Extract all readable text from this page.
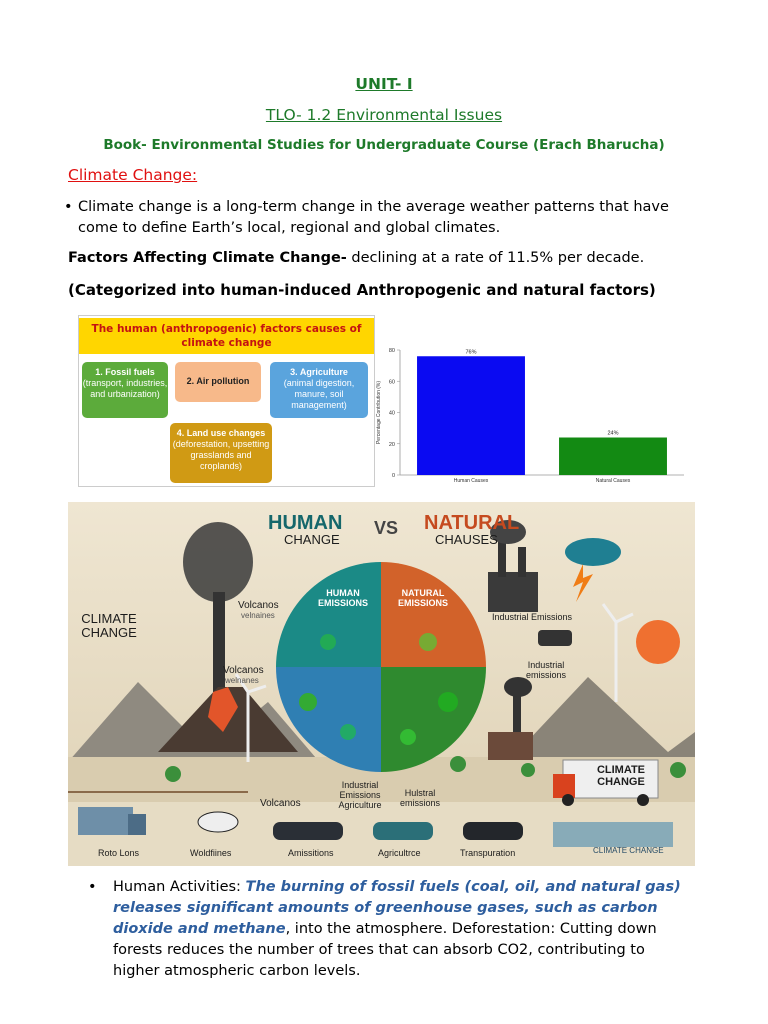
UNIT- I
TLO- 1.2 Environmental Issues
Book- Environmental Studies for Undergraduate Course (Erach Bharucha)
Climate Change:
• Climate change is a long-term change in the average weather patterns that have come to define Earth’s local, regional and global climates.
Factors Affecting Climate Change- declining at a rate of 11.5% per decade.
(Categorized into human-induced Anthropogenic and natural factors)
The human (anthropogenic) factors causes of climate change
1. Fossil fuels
(transport, industries, and urbanization)
2. Air pollution
3. Agriculture
(animal digestion, manure, soil management)
4. Land use changes
(deforestation, upsetting grasslands and croplands)
0
20
40
60
80
Percentage Contribution (%)
76%
Human Causes
24%
Natural Causes
HUMAN VS NATURAL
CHANGE	CHAUSES
CLIMATE CHANGE
Volcanos
velnaines
Volcanos
welnanes
HUMAN EMISSIONS
NATURAL EMISSIONS
Industrial Emissions
Industrial emissions
CLIMATE CHANGE
Volcanos
Industrial Emissions Agriculture
Hulstral emissions
Roto Lons	Woldfiines	Amissitions	Agricultrce	Transpuration	CLIMATE CHANGE
•	Human Activities: The burning of fossil fuels (coal, oil, and natural gas) releases significant amounts of greenhouse gases, such as carbon dioxide and methane, into the atmosphere. Deforestation: Cutting down forests reduces the number of trees that can absorb CO2, contributing to higher atmospheric carbon levels.
